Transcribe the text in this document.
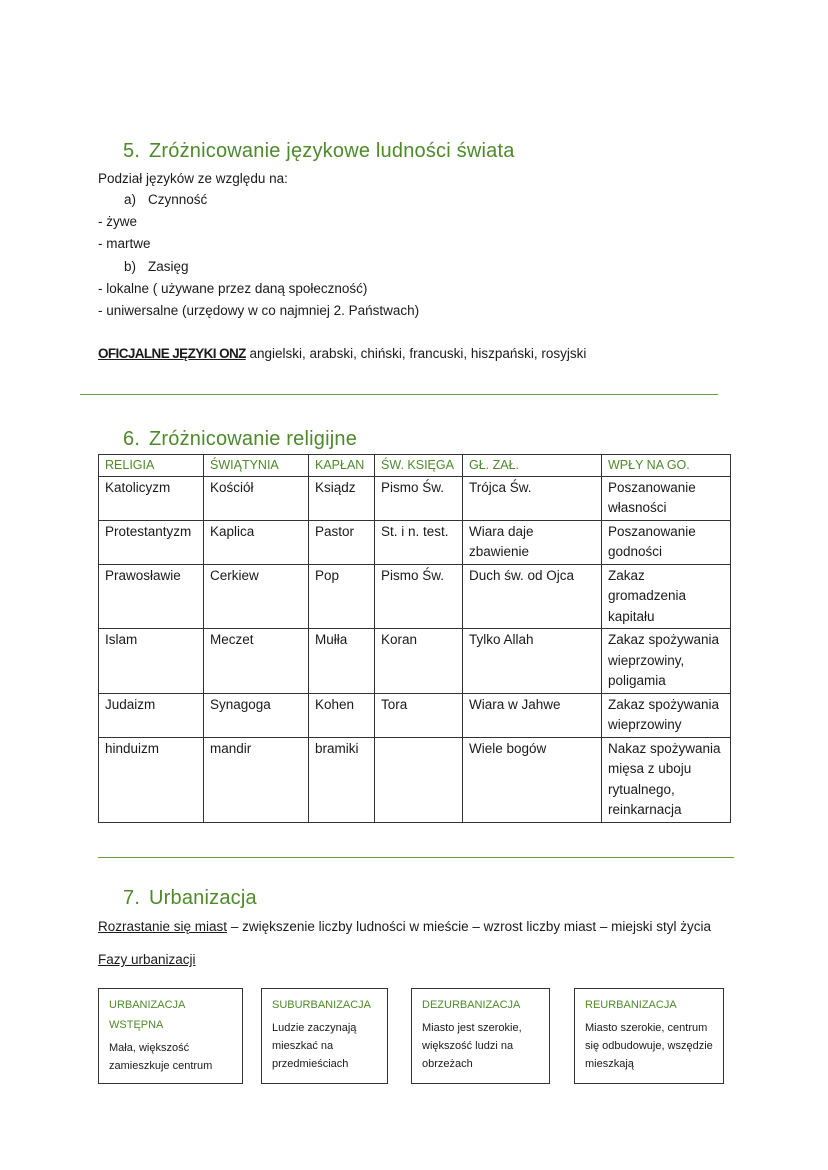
5. Zróżnicowanie językowe ludności świata
Podział języków ze względu na:
a) Czynność
- żywe
- martwe
b) Zasięg
- lokalne ( używane przez daną społeczność)
- uniwersalne (urzędowy w co najmniej 2. Państwach)
OFICJALNE JĘZYKI ONZ angielski, arabski, chiński, francuski, hiszpański, rosyjski
6. Zróżnicowanie religijne
RELIGIA	ŚWIĄTYNIA	KAPŁAN	ŚW. KSIĘGA	GŁ. ZAŁ.	WPŁY NA GO.
Katolicyzm	Kościół	Ksiądz	Pismo Św.	Trójca Św.	Poszanowanie własności
Protestantyzm	Kaplica	Pastor	St. i n. test.	Wiara daje zbawienie	Poszanowanie godności
Prawosławie	Cerkiew	Pop	Pismo Św.	Duch św. od Ojca	Zakaz gromadzenia kapitału
Islam	Meczet	Mułła	Koran	Tylko Allah	Zakaz spożywania wieprzowiny, poligamia
Judaizm	Synagoga	Kohen	Tora	Wiara w Jahwe	Zakaz spożywania wieprzowiny
hinduizm	mandir	bramiki		Wiele bogów	Nakaz spożywania mięsa z uboju rytualnego, reinkarnacja
7. Urbanizacja
Rozrastanie się miast – zwiększenie liczby ludności w mieście – wzrost liczby miast – miejski styl życia
Fazy urbanizacji
URBANIZACJA WSTĘPNA
Mała, większość zamieszkuje centrum
SUBURBANIZACJA
Ludzie zaczynają mieszkać na przedmieściach
DEZURBANIZACJA
Miasto jest szerokie, większość ludzi na obrzeżach
REURBANIZACJA
Miasto szerokie, centrum się odbudowuje, wszędzie mieszkają
